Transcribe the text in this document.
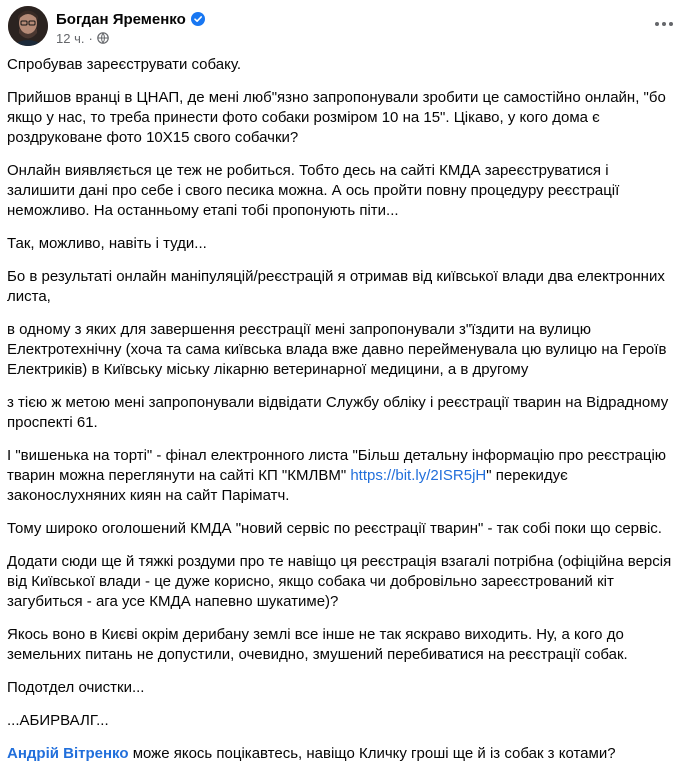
Богдан Яременко
12 ч. ·

Спробував зареєструвати собаку.

Прийшов вранці в ЦНАП, де мені люб"язно запропонували зробити це самостійно онлайн, "бо якщо у нас, то треба принести фото собаки розміром 10 на 15". Цікаво, у кого дома є роздруковане фото 10Х15 свого собачки?

Онлайн виявляється це теж не робиться. Тобто десь на сайті КМДА зареєструватися і залишити дані про себе і свого песика можна. А ось пройти повну процедуру реєстрації неможливо. На останньому етапі тобі пропонують піти...

Так, можливо, навіть і туди...

Бо в результаті онлайн маніпуляцій/реєстрацій я отримав від київської влади два електронних листа,

в одному з яких для завершення реєстрації мені запропонували з"їздити на вулицю Електротехнічну (хоча та сама київська влада вже давно перейменувала цю вулицю на Героїв Електриків) в Київську міську лікарню ветеринарної медицини, а в другому

з тією ж метою мені запропонували відвідати Службу обліку і реєстрації тварин на Відрадному проспекті 61.

І "вишенька на торті" - фінал електронного листа "Більш детальну інформацію про реєстрацію тварин можна переглянути на сайті КП "КМЛВМ" https://bit.ly/2ISR5jH" перекидує законослухняних киян на сайт Паріматч.

Тому широко оголошений КМДА "новий сервіс по реєстрації тварин" - так собі поки що сервіс.

Додати сюди ще й тяжкі роздуми про те навіщо ця реєстрація взагалі потрібна (офіційна версія від Київської влади - це дуже корисно, якщо собака чи добровільно зареєстрований кіт загубиться - ага усе КМДА напевно шукатиме)?

Якось воно в Києві окрім дерибану землі все інше не так яскраво виходить. Ну, а кого до земельних питань не допустили, очевидно, змушений перебиватися на реєстрації собак.

Подотдел очистки...

...АБИРВАЛГ...

Андрій Вітренко може якось поцікавтесь, навіщо Кличку гроші ще й із собак з котами?
